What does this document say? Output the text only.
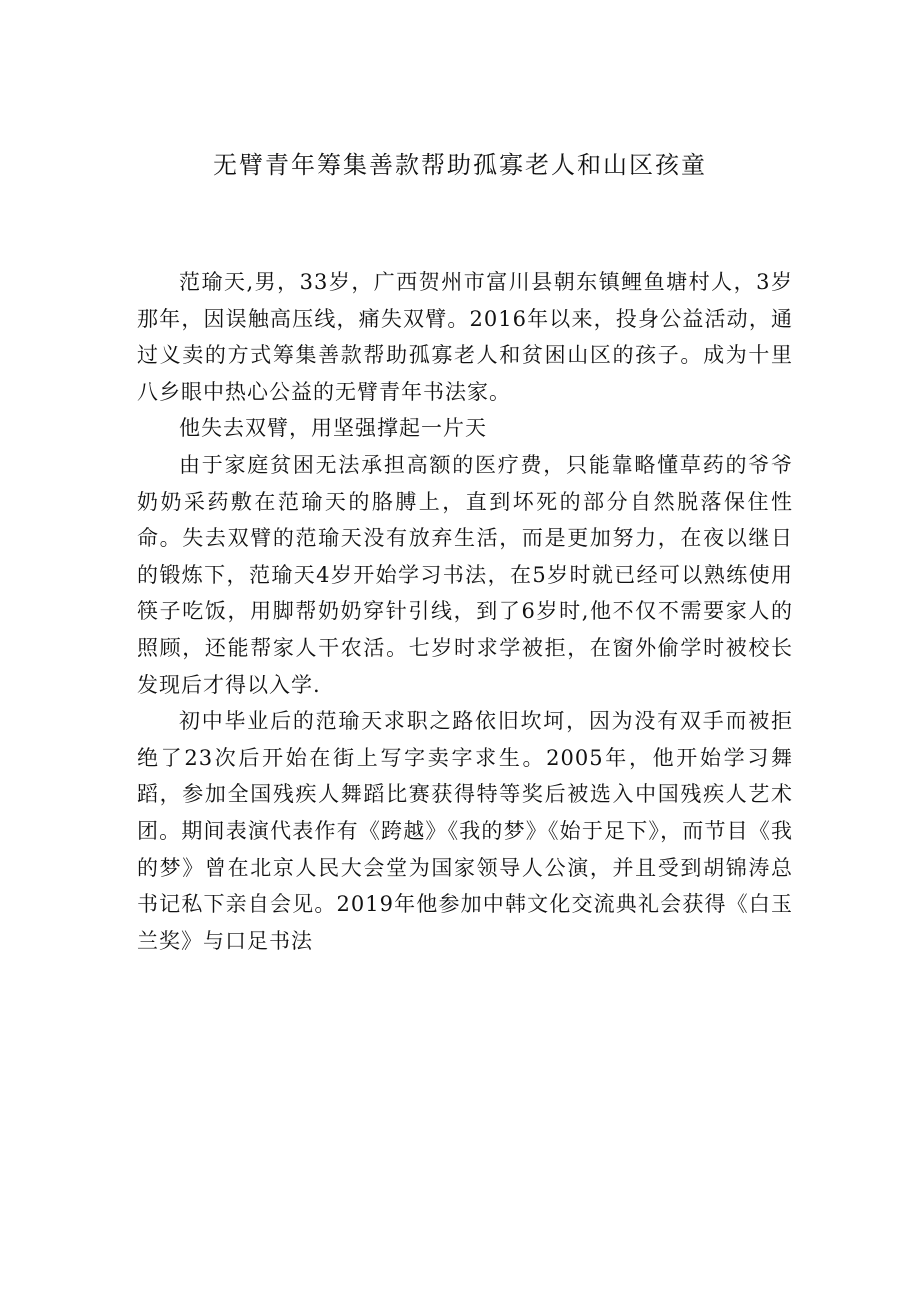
无臂青年筹集善款帮助孤寡老人和山区孩童

范瑜天,男，33岁，广西贺州市富川县朝东镇鲤鱼塘村人，3岁那年，因误触高压线，痛失双臂。2016年以来，投身公益活动，通过义卖的方式筹集善款帮助孤寡老人和贫困山区的孩子。成为十里八乡眼中热心公益的无臂青年书法家。

他失去双臂，用坚强撑起一片天

由于家庭贫困无法承担高额的医疗费，只能靠略懂草药的爷爷奶奶采药敷在范瑜天的胳膊上，直到坏死的部分自然脱落保住性命。失去双臂的范瑜天没有放弃生活，而是更加努力，在夜以继日的锻炼下，范瑜天4岁开始学习书法，在5岁时就已经可以熟练使用筷子吃饭，用脚帮奶奶穿针引线，到了6岁时,他不仅不需要家人的照顾，还能帮家人干农活。七岁时求学被拒，在窗外偷学时被校长发现后才得以入学.

初中毕业后的范瑜天求职之路依旧坎坷，因为没有双手而被拒绝了23次后开始在街上写字卖字求生。2005年，他开始学习舞蹈，参加全国残疾人舞蹈比赛获得特等奖后被选入中国残疾人艺术团。期间表演代表作有《跨越》《我的梦》《始于足下》，而节目《我的梦》曾在北京人民大会堂为国家领导人公演，并且受到胡锦涛总书记私下亲自会见。2019年他参加中韩文化交流典礼会获得《白玉兰奖》与口足书法
